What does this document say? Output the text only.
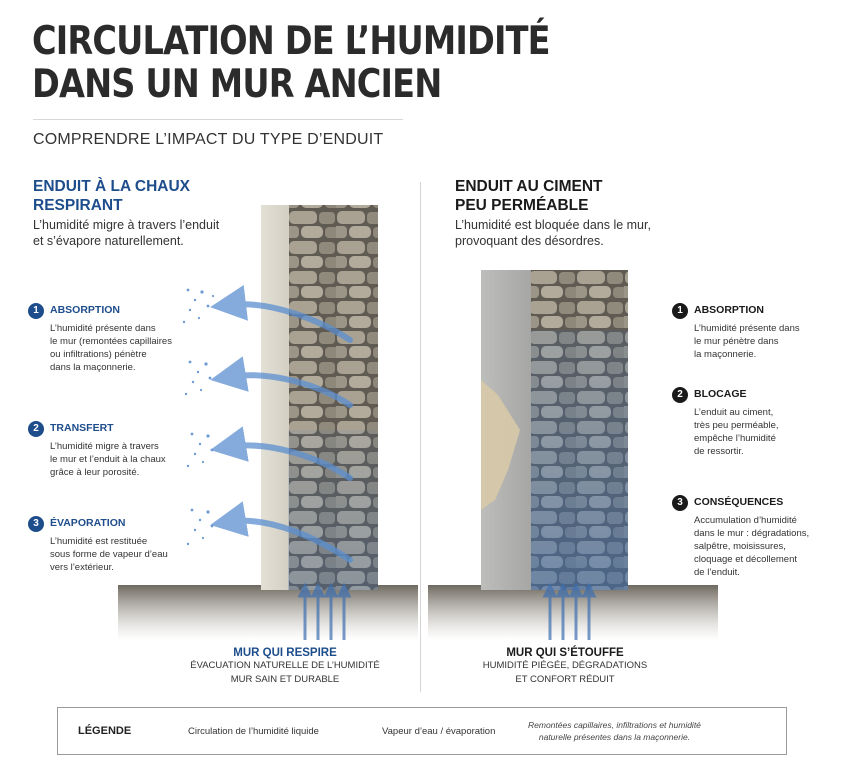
CIRCULATION DE L’HUMIDITÉ
DANS UN MUR ANCIEN
COMPRENDRE L’IMPACT DU TYPE D’ENDUIT
ENDUIT À LA CHAUX
RESPIRANT
L’humidité migre à travers l’enduit
et s’évapore naturellement.
1	ABSORPTION
L’humidité présente dans
le mur (remontées capillaires
ou infiltrations) pénètre
dans la maçonnerie.
2	TRANSFERT
L’humidité migre à travers
le mur et l’enduit à la chaux
grâce à leur porosité.
3	ÉVAPORATION
L’humidité est restituée
sous forme de vapeur d’eau
vers l’extérieur.
MUR QUI RESPIRE
ÉVACUATION NATURELLE DE L’HUMIDITÉ
MUR SAIN ET DURABLE
ENDUIT AU CIMENT
PEU PERMÉABLE
L’humidité est bloquée dans le mur,
provoquant des désordres.
1	ABSORPTION
L’humidité présente dans
le mur pénètre dans
la maçonnerie.
2	BLOCAGE
L’enduit au ciment,
très peu perméable,
empêche l’humidité
de ressortir.
3	CONSÉQUENCES
Accumulation d’humidité
dans le mur : dégradations,
salpêtre, moisissures,
cloquage et décollement
de l’enduit.
MUR QUI S’ÉTOUFFE
HUMIDITÉ PIÉGÉE, DÉGRADATIONS
ET CONFORT RÉDUIT
LÉGENDE	Circulation de l’humidité liquide	Vapeur d’eau / évaporation
Remontées capillaires, infiltrations et humidité
naturelle présentes dans la maçonnerie.
